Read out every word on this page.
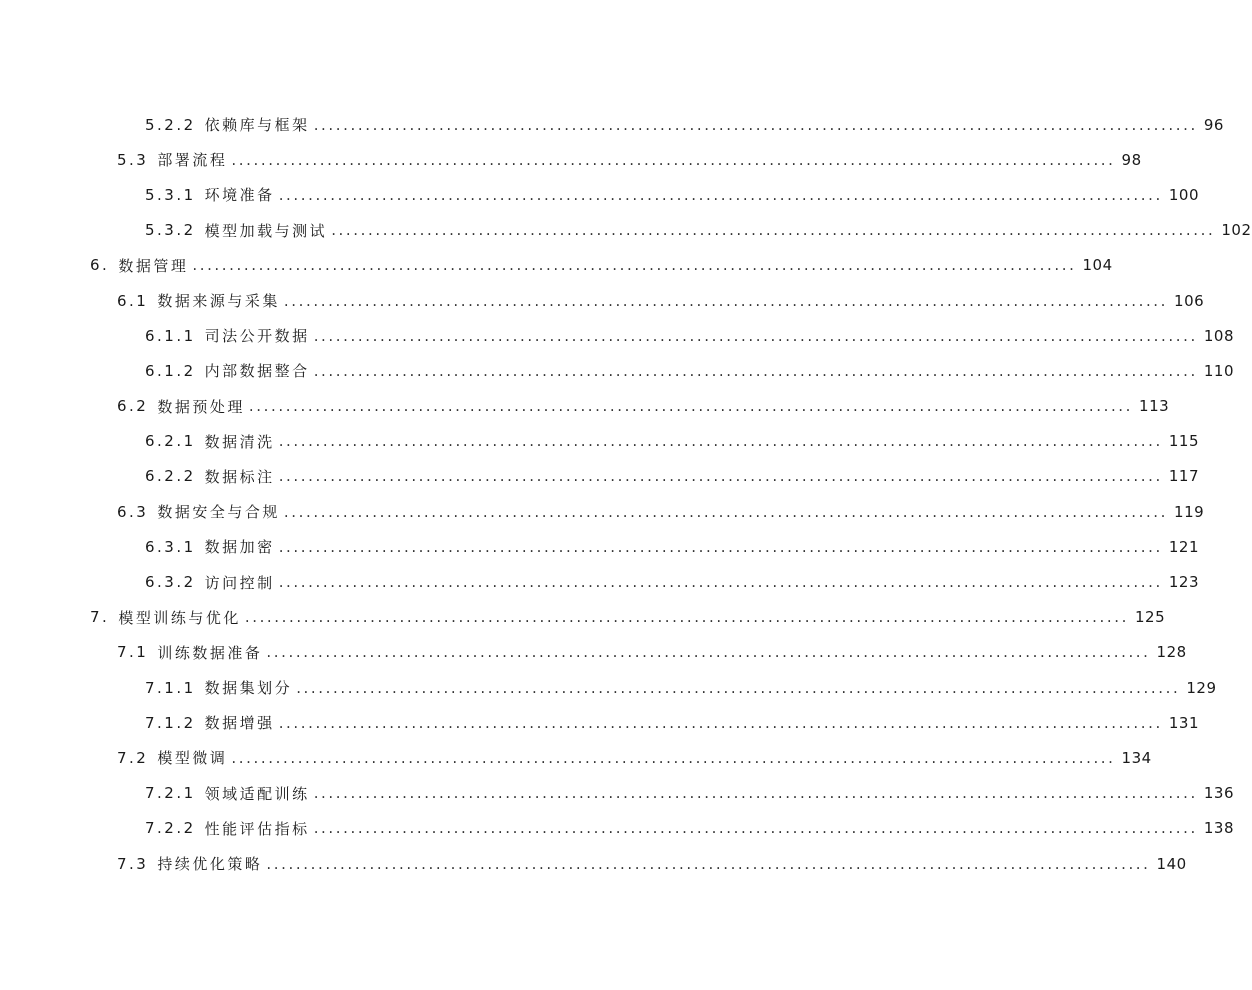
5.2.2 依赖库与框架 ........................................................................................................................ 96
5.3 部署流程 ........................................................................................................................ 98
5.3.1 环境准备 ........................................................................................................................ 100
5.3.2 模型加载与测试 ........................................................................................................................ 102
6. 数据管理 ........................................................................................................................ 104
6.1 数据来源与采集 ........................................................................................................................ 106
6.1.1 司法公开数据 ........................................................................................................................ 108
6.1.2 内部数据整合 ........................................................................................................................ 110
6.2 数据预处理 ........................................................................................................................ 113
6.2.1 数据清洗 ........................................................................................................................ 115
6.2.2 数据标注 ........................................................................................................................ 117
6.3 数据安全与合规 ........................................................................................................................ 119
6.3.1 数据加密 ........................................................................................................................ 121
6.3.2 访问控制 ........................................................................................................................ 123
7. 模型训练与优化 ........................................................................................................................ 125
7.1 训练数据准备 ........................................................................................................................ 128
7.1.1 数据集划分 ........................................................................................................................ 129
7.1.2 数据增强 ........................................................................................................................ 131
7.2 模型微调 ........................................................................................................................ 134
7.2.1 领域适配训练 ........................................................................................................................ 136
7.2.2 性能评估指标 ........................................................................................................................ 138
7.3 持续优化策略 ........................................................................................................................ 140
